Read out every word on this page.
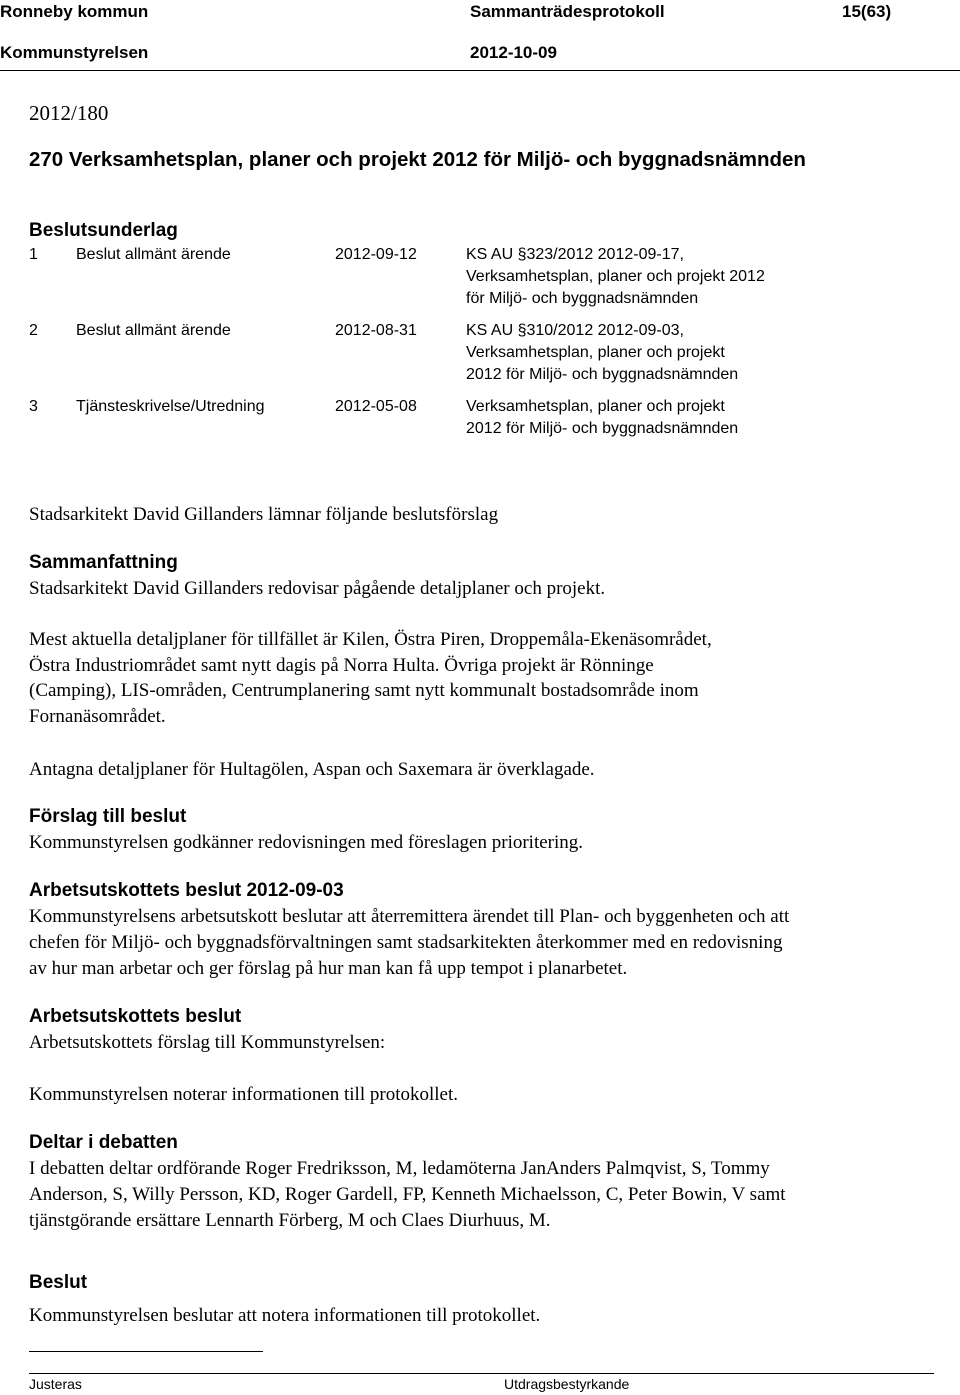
Ronneby kommun	Sammanträdesprotokoll	15(63)
Kommunstyrelsen	2012-10-09
2012/180
270 Verksamhetsplan, planer och projekt 2012 för Miljö- och byggnadsnämnden
Beslutsunderlag
1 Beslut allmänt ärende	2012-09-12	KS AU §323/2012 2012-09-17,
Verksamhetsplan, planer och projekt 2012
för Miljö- och byggnadsnämnden
2 Beslut allmänt ärende	2012-08-31	KS AU §310/2012 2012-09-03,
Verksamhetsplan, planer och projekt
2012 för Miljö- och byggnadsnämnden
3 Tjänsteskrivelse/Utredning	2012-05-08	Verksamhetsplan, planer och projekt
2012 för Miljö- och byggnadsnämnden
Stadsarkitekt David Gillanders lämnar följande beslutsförslag
Sammanfattning
Stadsarkitekt David Gillanders redovisar pågående detaljplaner och projekt.
Mest aktuella detaljplaner för tillfället är Kilen, Östra Piren, Droppemåla-Ekenäsområdet,
Östra Industriområdet samt nytt dagis på Norra Hulta. Övriga projekt är Rönninge
(Camping), LIS-områden, Centrumplanering samt nytt kommunalt bostadsområde inom
Fornanäsområdet.
Antagna detaljplaner för Hultagölen, Aspan och Saxemara är överklagade.
Förslag till beslut
Kommunstyrelsen godkänner redovisningen med föreslagen prioritering.
Arbetsutskottets beslut 2012-09-03
Kommunstyrelsens arbetsutskott beslutar att återremittera ärendet till Plan- och byggenheten och att
chefen för Miljö- och byggnadsförvaltningen samt stadsarkitekten återkommer med en redovisning
av hur man arbetar och ger förslag på hur man kan få upp tempot i planarbetet.
Arbetsutskottets beslut
Arbetsutskottets förslag till Kommunstyrelsen:
Kommunstyrelsen noterar informationen till protokollet.
Deltar i debatten
I debatten deltar ordförande Roger Fredriksson, M, ledamöterna JanAnders Palmqvist, S, Tommy
Anderson, S, Willy Persson, KD, Roger Gardell, FP, Kenneth Michaelsson, C, Peter Bowin, V samt
tjänstgörande ersättare Lennarth Förberg, M och Claes Diurhuus, M.
Beslut
Kommunstyrelsen beslutar att notera informationen till protokollet.
Justeras	Utdragsbestyrkande
